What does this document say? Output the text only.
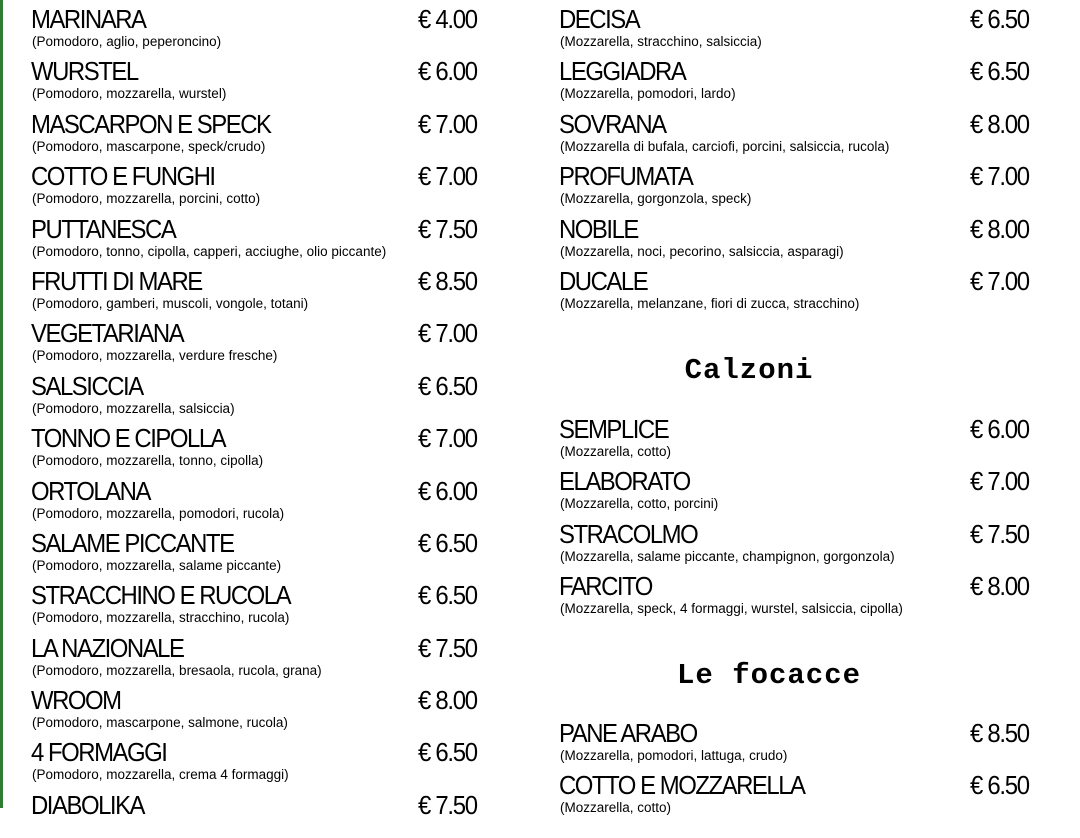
MARINARA	€ 4.00
(Pomodoro, aglio, peperoncino)
WURSTEL	€ 6.00
(Pomodoro, mozzarella, wurstel)
MASCARPON E SPECK	€ 7.00
(Pomodoro, mascarpone, speck/crudo)
COTTO E FUNGHI	€ 7.00
(Pomodoro, mozzarella, porcini, cotto)
PUTTANESCA	€ 7.50
(Pomodoro, tonno, cipolla, capperi, acciughe, olio piccante)
FRUTTI DI MARE	€ 8.50
(Pomodoro, gamberi, muscoli, vongole, totani)
VEGETARIANA	€ 7.00
(Pomodoro, mozzarella, verdure fresche)
SALSICCIA	€ 6.50
(Pomodoro, mozzarella, salsiccia)
TONNO E CIPOLLA	€ 7.00
(Pomodoro, mozzarella, tonno, cipolla)
ORTOLANA	€ 6.00
(Pomodoro, mozzarella, pomodori, rucola)
SALAME PICCANTE	€ 6.50
(Pomodoro, mozzarella, salame piccante)
STRACCHINO E RUCOLA	€ 6.50
(Pomodoro, mozzarella, stracchino, rucola)
LA NAZIONALE	€ 7.50
(Pomodoro, mozzarella, bresaola, rucola, grana)
WROOM	€ 8.00
(Pomodoro, mascarpone, salmone, rucola)
4 FORMAGGI	€ 6.50
(Pomodoro, mozzarella, crema 4 formaggi)
DIABOLIKA	€ 7.50
DECISA	€ 6.50
(Mozzarella, stracchino, salsiccia)
LEGGIADRA	€ 6.50
(Mozzarella, pomodori, lardo)
SOVRANA	€ 8.00
(Mozzarella di bufala, carciofi, porcini, salsiccia, rucola)
PROFUMATA	€ 7.00
(Mozzarella, gorgonzola, speck)
NOBILE	€ 8.00
(Mozzarella, noci, pecorino, salsiccia, asparagi)
DUCALE	€ 7.00
(Mozzarella, melanzane, fiori di zucca, stracchino)
Calzoni
SEMPLICE	€ 6.00
(Mozzarella, cotto)
ELABORATO	€ 7.00
(Mozzarella, cotto, porcini)
STRACOLMO	€ 7.50
(Mozzarella, salame piccante, champignon, gorgonzola)
FARCITO	€ 8.00
(Mozzarella, speck, 4 formaggi, wurstel, salsiccia, cipolla)
Le focacce
PANE ARABO	€ 8.50
(Mozzarella, pomodori, lattuga, crudo)
COTTO E MOZZARELLA	€ 6.50
(Mozzarella, cotto)
